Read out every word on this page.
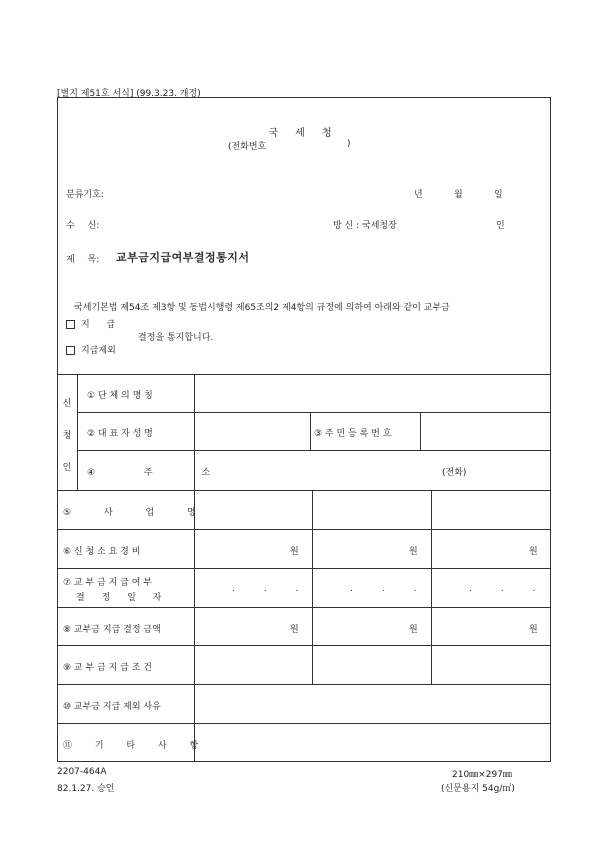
[별지 제51호 서식] (99.3.23. 개정)
국 세 청
(전화번호	)
분류기호:	년	월	일
수 신:	방 신 : 국세청장	인
제 목: 교부금지급여부결정통지서
국세기본법 제54조 제3항 및 동법시행령 제65조의2 제4항의 규정에 의하여 아래와 같이 교부금
지 급
결정을 통지합니다.
지급제외
신
청
인
① 단 체 의 명 칭
② 대 표 자 성 명	③ 주 민 등 록 번 호
④ 주 소	(전화)
⑤ 사 업 명
⑥ 신 청 소 요 경 비	원	원	원
⑦ 교 부 금 지 급 여 부
결 정 일 자
. . .	. . .	. . .
⑧ 교부금 지급 결정 금액	원	원	원
⑨ 교 부 금 지 급 조 건
⑩ 교부금 지급 제외 사유
⑪ 기 타 사 항
2207-464A
82.1.27. 승인
210㎜×297㎜
(신문용지 54g/㎡)
